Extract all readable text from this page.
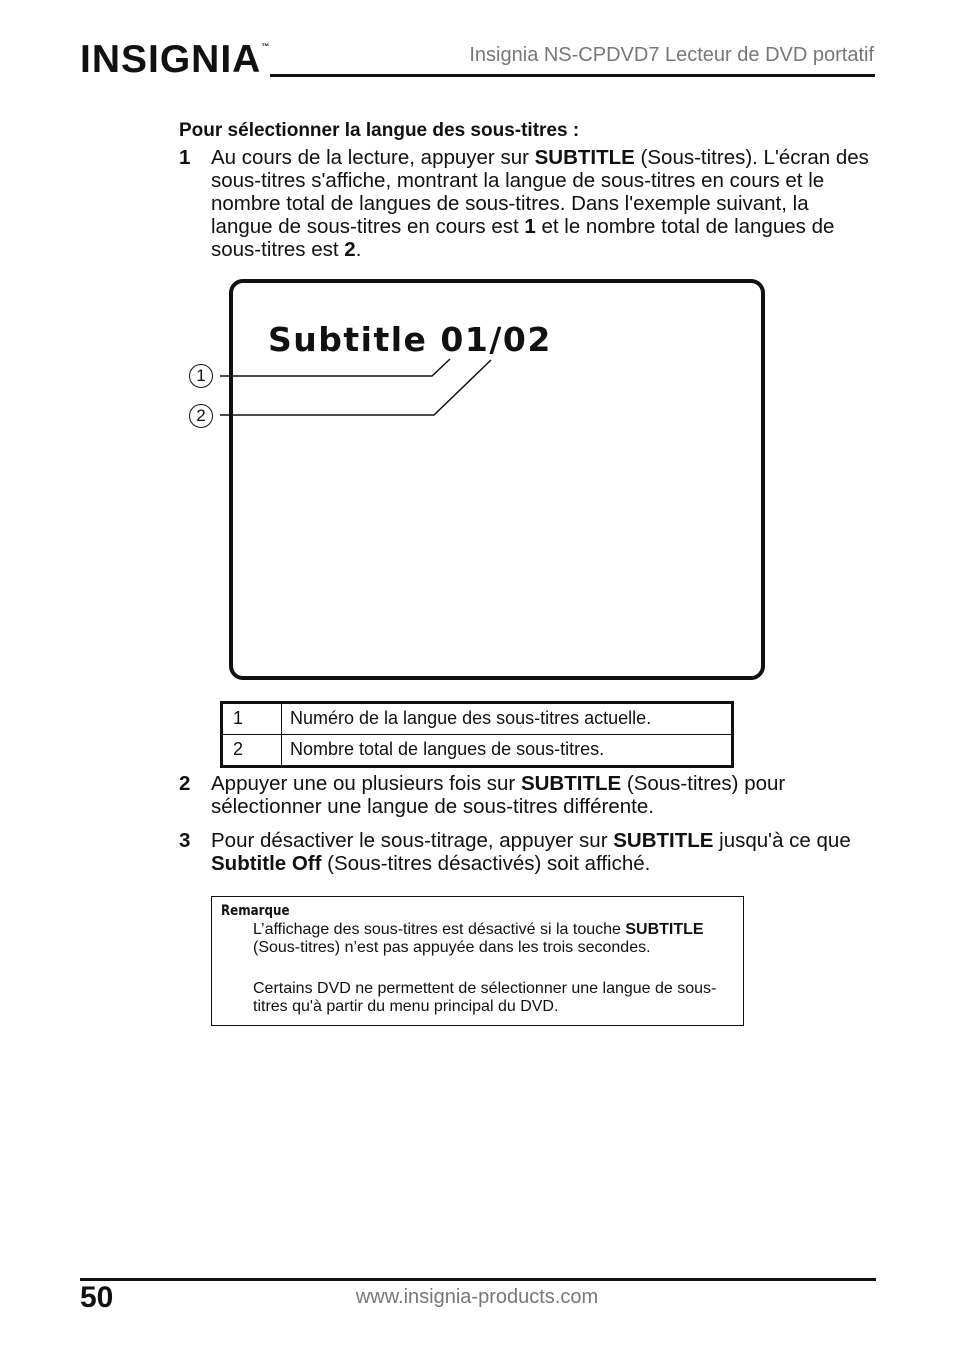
INSIGNIA™	Insignia NS-CPDVD7 Lecteur de DVD portatif
Pour sélectionner la langue des sous-titres :
1 Au cours de la lecture, appuyer sur SUBTITLE (Sous-titres). L'écran des sous-titres s'affiche, montrant la langue de sous-titres en cours et le nombre total de langues de sous-titres. Dans l'exemple suivant, la langue de sous-titres en cours est 1 et le nombre total de langues de sous-titres est 2.
Subtitle 01/02
1
2
1	Numéro de la langue des sous-titres actuelle.
2	Nombre total de langues de sous-titres.
2 Appuyer une ou plusieurs fois sur SUBTITLE (Sous-titres) pour sélectionner une langue de sous-titres différente.
3 Pour désactiver le sous-titrage, appuyer sur SUBTITLE jusqu'à ce que Subtitle Off (Sous-titres désactivés) soit affiché.
Remarque
L’affichage des sous-titres est désactivé si la touche SUBTITLE (Sous-titres) n’est pas appuyée dans les trois secondes.
Certains DVD ne permettent de sélectionner une langue de sous-titres qu'à partir du menu principal du DVD.
50	www.insignia-products.com
